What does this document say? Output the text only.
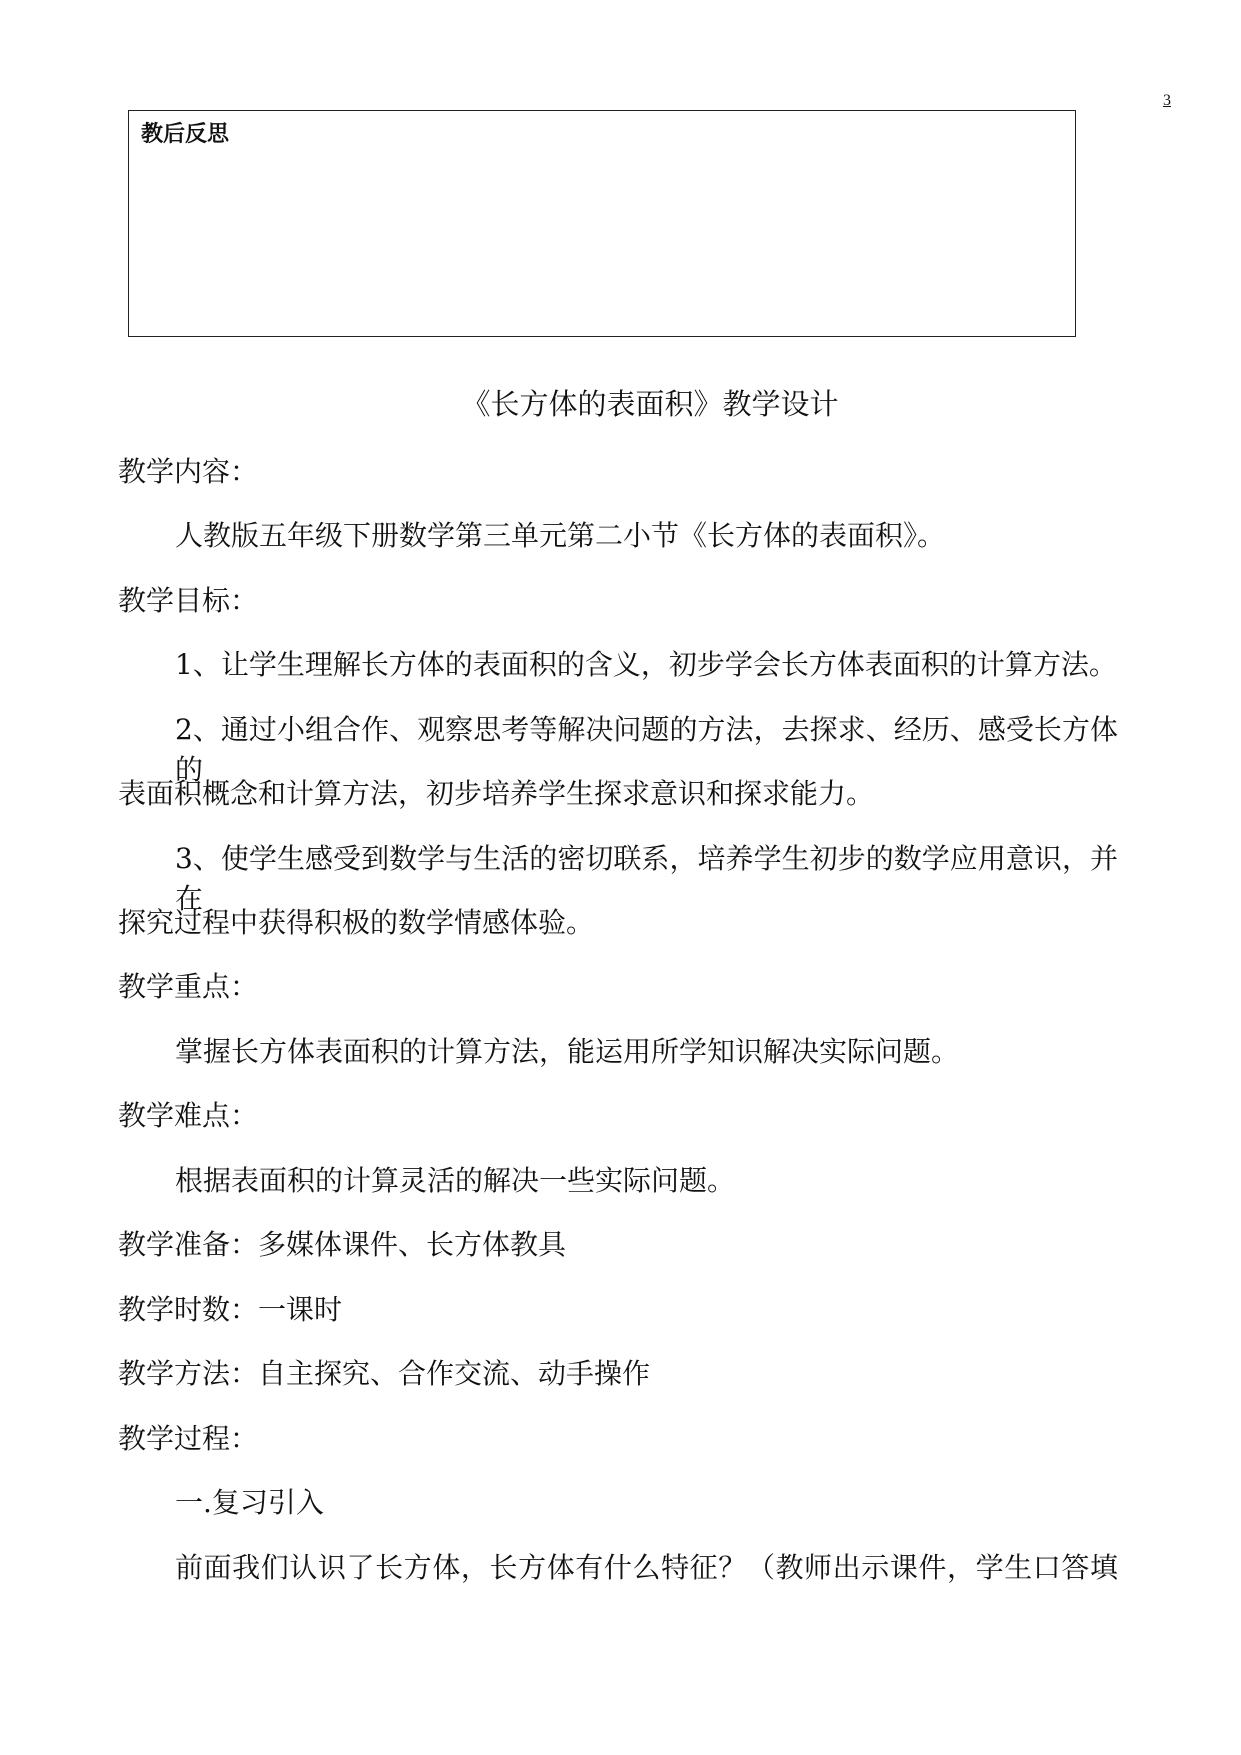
3
教后反思
《长方体的表面积》教学设计
教学内容：
人教版五年级下册数学第三单元第二小节《长方体的表面积》。
教学目标：
1、让学生理解长方体的表面积的含义，初步学会长方体表面积的计算方法。
2、通过小组合作、观察思考等解决问题的方法，去探求、经历、感受长方体的
表面积概念和计算方法，初步培养学生探求意识和探求能力。
3、使学生感受到数学与生活的密切联系，培养学生初步的数学应用意识，并在
探究过程中获得积极的数学情感体验。
教学重点：
掌握长方体表面积的计算方法，能运用所学知识解决实际问题。
教学难点：
根据表面积的计算灵活的解决一些实际问题。
教学准备：多媒体课件、长方体教具
教学时数：一课时
教学方法：自主探究、合作交流、动手操作
教学过程：
一.复习引入
前面我们认识了长方体，长方体有什么特征？（教师出示课件，学生口答填
